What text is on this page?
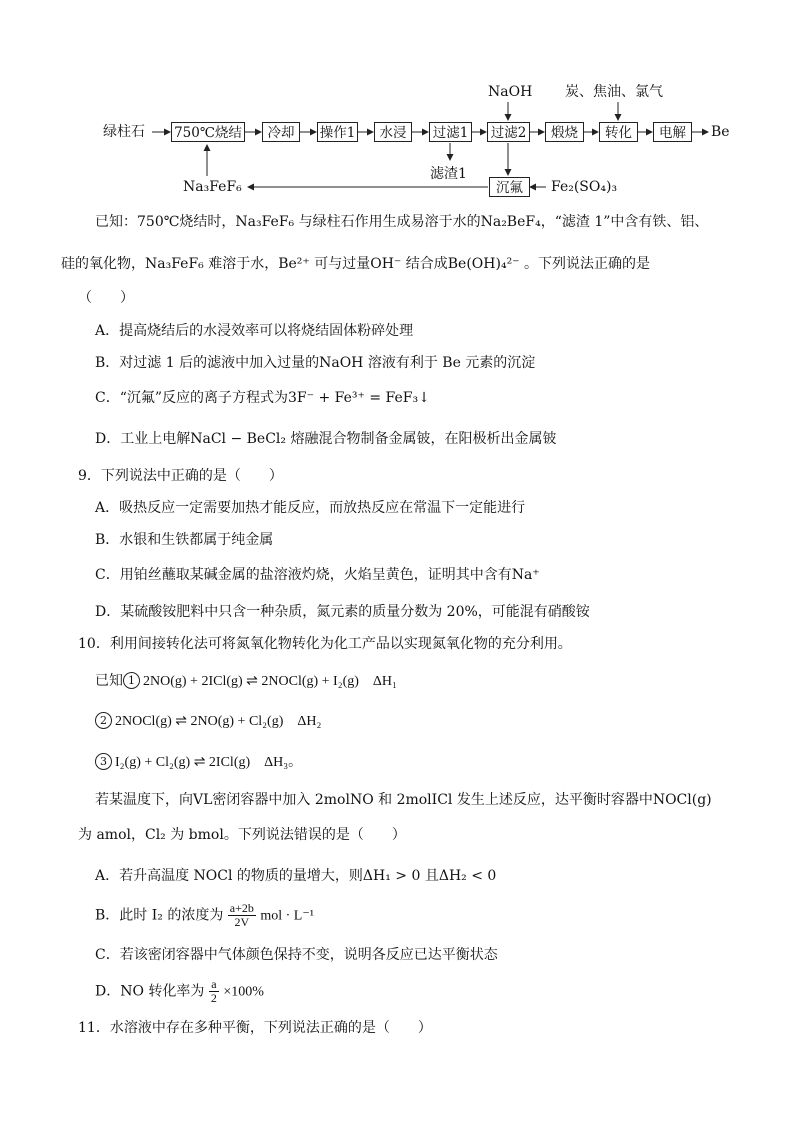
绿柱石 750℃烧结	冷却	操作1	水浸	过滤1 过滤2	煅烧	转化	电解	Be
NaOH 炭、焦油、氯气
滤渣1
沉氟	Fe₂(SO₄)₃
Na₃FeF₆
已知：750℃烧结时，Na₃FeF₆ 与绿柱石作用生成易溶于水的Na₂BeF₄，“滤渣 1”中含有铁、铝、
硅的氧化物，Na₃FeF₆ 难溶于水，Be²⁺ 可与过量OH⁻ 结合成Be(OH)₄²⁻ 。下列说法正确的是
（　　）
A．提高烧结后的水浸效率可以将烧结固体粉碎处理
B．对过滤 1 后的滤液中加入过量的NaOH 溶液有利于 Be 元素的沉淀
C．“沉氟”反应的离子方程式为3F⁻ + Fe³⁺ = FeF₃↓
D．工业上电解NaCl − BeCl₂ 熔融混合物制备金属铍，在阳极析出金属铍
9．下列说法中正确的是（　　）
A．吸热反应一定需要加热才能反应，而放热反应在常温下一定能进行
B．水银和生铁都属于纯金属
C．用铂丝蘸取某碱金属的盐溶液灼烧，火焰呈黄色，证明其中含有Na⁺
D．某硫酸铵肥料中只含一种杂质，氮元素的质量分数为 20%，可能混有硝酸铵
10．利用间接转化法可将氮氧化物转化为化工产品以实现氮氧化物的充分利用。
已知 1 2NO(g) + 2ICl(g) ⇌ 2NOCl(g) + I₂(g)　ΔH₁
2 2NOCl(g) ⇌ 2NO(g) + Cl₂(g)　ΔH₂
3 I₂(g) + Cl₂(g) ⇌ 2ICl(g)　ΔH₃。
若某温度下，向VL密闭容器中加入 2molNO 和 2molICl 发生上述反应，达平衡时容器中NOCl(g)
为 amol，Cl₂ 为 bmol。下列说法错误的是（　　）
A．若升高温度 NOCl 的物质的量增大，则ΔH₁ > 0 且ΔH₂ < 0
B．此时 I₂ 的浓度为 $\frac{a+2b}{2V}$ mol · L⁻¹
C．若该密闭容器中气体颜色保持不变，说明各反应已达平衡状态
D．NO 转化率为 $\frac{a}{2} \times 100\%$
11．水溶液中存在多种平衡，下列说法正确的是（　　）
